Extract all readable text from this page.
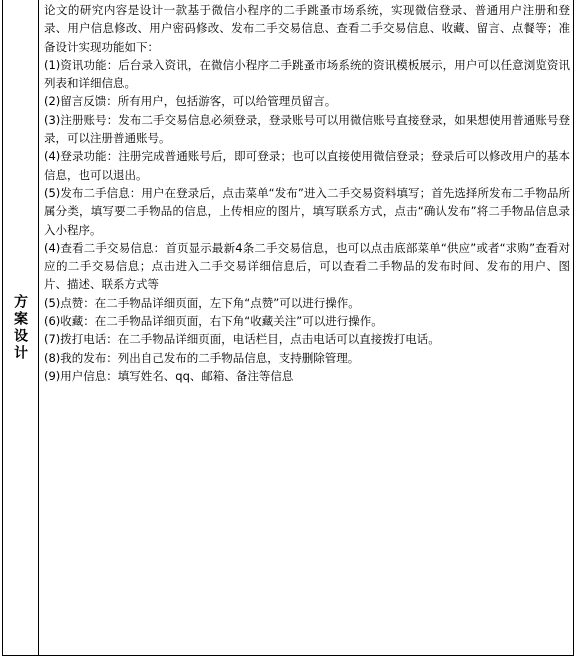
方案设计

论文的研究内容是设计一款基于微信小程序的二手跳蚤市场系统，实现微信登录、普通用户注册和登录、用户信息修改、用户密码修改、发布二手交易信息、查看二手交易信息、收藏、留言、点餐等；准备设计实现功能如下：

(1)资讯功能：后台录入资讯，在微信小程序二手跳蚤市场系统的资讯模板展示，用户可以任意浏览资讯列表和详细信息。

(2)留言反馈：所有用户，包括游客，可以给管理员留言。

(3)注册账号：发布二手交易信息必须登录，登录账号可以用微信账号直接登录，如果想使用普通账号登录，可以注册普通账号。

(4)登录功能：注册完成普通账号后，即可登录；也可以直接使用微信登录；登录后可以修改用户的基本信息，也可以退出。

(5)发布二手信息：用户在登录后，点击菜单“发布”进入二手交易资料填写；首先选择所发布二手物品所属分类，填写要二手物品的信息，上传相应的图片，填写联系方式，点击“确认发布”将二手物品信息录入小程序。

(4)查看二手交易信息：首页显示最新4条二手交易信息，也可以点击底部菜单“供应”或者“求购”查看对应的二手交易信息；点击进入二手交易详细信息后，可以查看二手物品的发布时间、发布的用户、图片、描述、联系方式等

(5)点赞：在二手物品详细页面，左下角“点赞”可以进行操作。

(6)收藏：在二手物品详细页面，右下角“收藏关注”可以进行操作。

(7)拨打电话：在二手物品详细页面，电话栏目，点击电话可以直接拨打电话。

(8)我的发布：列出自己发布的二手物品信息，支持删除管理。

(9)用户信息：填写姓名、qq、邮箱、备注等信息
